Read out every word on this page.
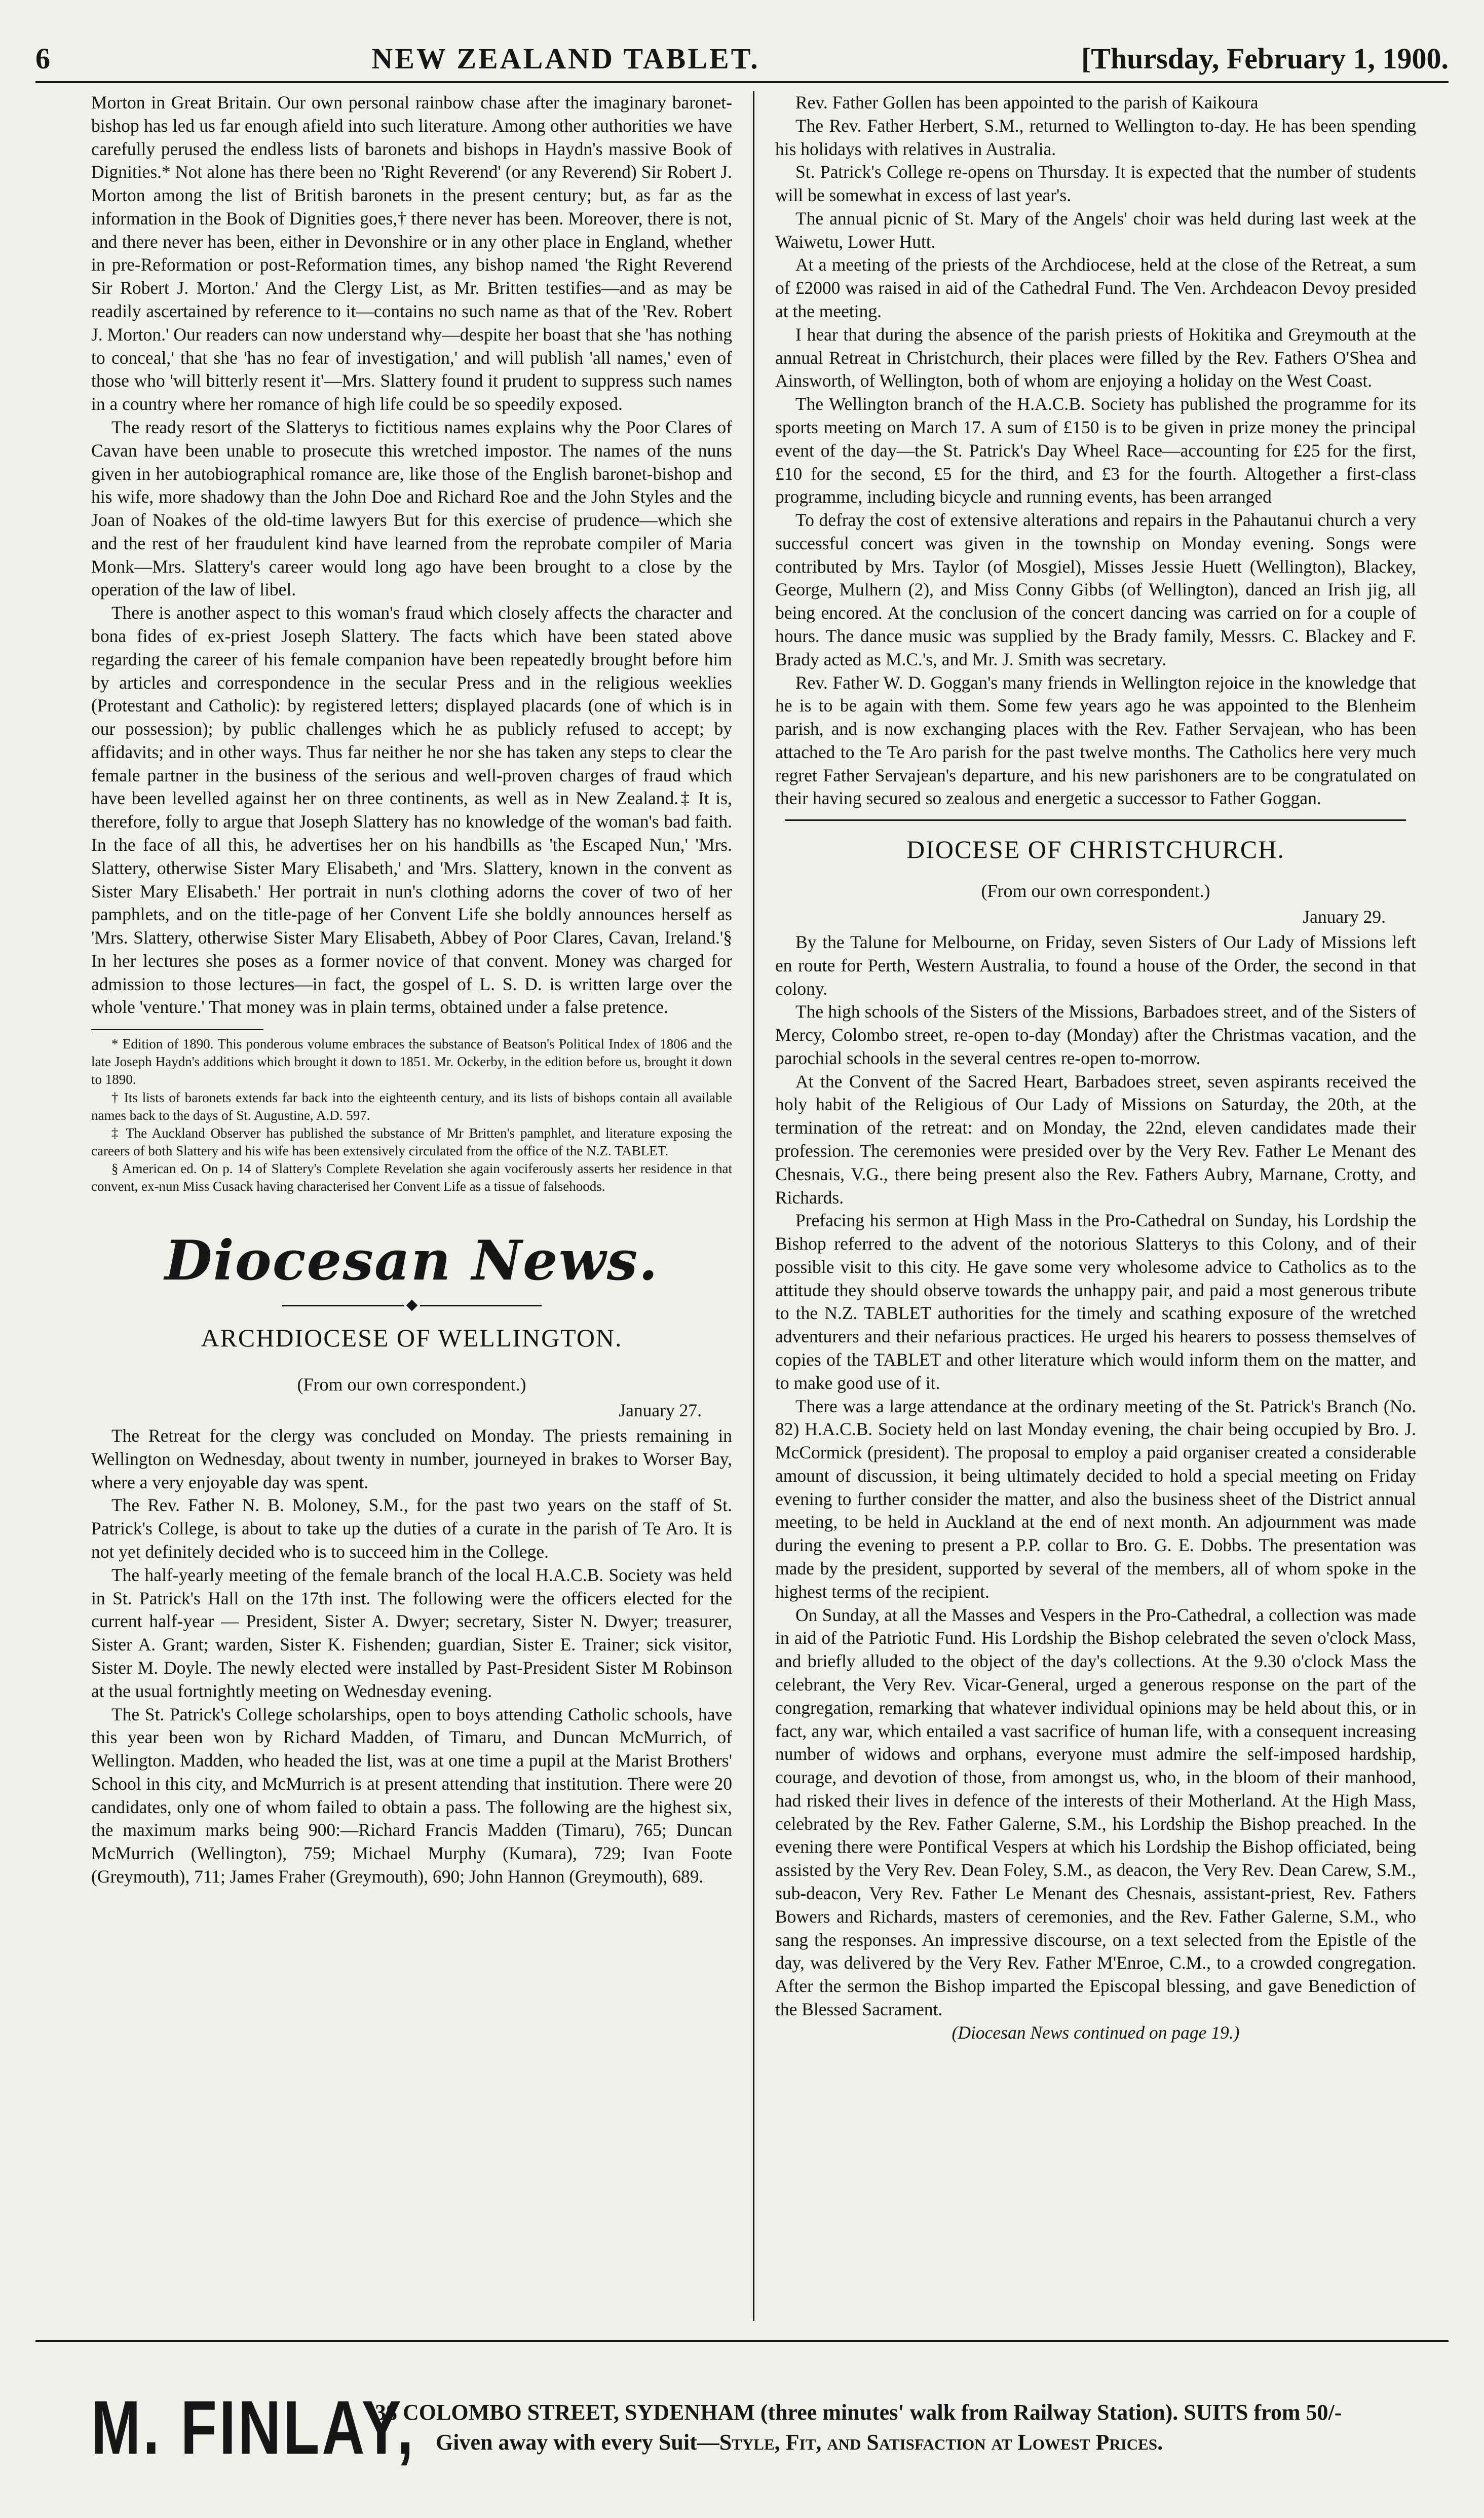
6	NEW ZEALAND TABLET.	[Thursday, February 1, 1900.

Morton in Great Britain. Our own personal rainbow chase after the imaginary baronet-bishop has led us far enough afield into such literature. Among other authorities we have carefully perused the endless lists of baronets and bishops in Haydn's massive Book of Dignities.* Not alone has there been no 'Right Reverend' (or any Reverend) Sir Robert J. Morton among the list of British baronets in the present century; but, as far as the information in the Book of Dignities goes,† there never has been. Moreover, there is not, and there never has been, either in Devonshire or in any other place in England, whether in pre-Reformation or post-Reformation times, any bishop named 'the Right Reverend Sir Robert J. Morton.' And the Clergy List, as Mr. Britten testifies—and as may be readily ascertained by reference to it—contains no such name as that of the 'Rev. Robert J. Morton.' Our readers can now understand why—despite her boast that she 'has nothing to conceal,' that she 'has no fear of investigation,' and will publish 'all names,' even of those who 'will bitterly resent it'—Mrs. Slattery found it prudent to suppress such names in a country where her romance of high life could be so speedily exposed.

The ready resort of the Slatterys to fictitious names explains why the Poor Clares of Cavan have been unable to prosecute this wretched impostor. The names of the nuns given in her autobiographical romance are, like those of the English baronet-bishop and his wife, more shadowy than the John Doe and Richard Roe and the John Styles and the Joan of Noakes of the old-time lawyers But for this exercise of prudence—which she and the rest of her fraudulent kind have learned from the reprobate compiler of Maria Monk—Mrs. Slattery's career would long ago have been brought to a close by the operation of the law of libel.

There is another aspect to this woman's fraud which closely affects the character and bona fides of ex-priest Joseph Slattery. The facts which have been stated above regarding the career of his female companion have been repeatedly brought before him by articles and correspondence in the secular Press and in the religious weeklies (Protestant and Catholic): by registered letters; displayed placards (one of which is in our possession); by public challenges which he as publicly refused to accept; by affidavits; and in other ways. Thus far neither he nor she has taken any steps to clear the female partner in the business of the serious and well-proven charges of fraud which have been levelled against her on three continents, as well as in New Zealand.‡ It is, therefore, folly to argue that Joseph Slattery has no knowledge of the woman's bad faith. In the face of all this, he advertises her on his handbills as 'the Escaped Nun,' 'Mrs. Slattery, otherwise Sister Mary Elisabeth,' and 'Mrs. Slattery, known in the convent as Sister Mary Elisabeth.' Her portrait in nun's clothing adorns the cover of two of her pamphlets, and on the title-page of her Convent Life she boldly announces herself as 'Mrs. Slattery, otherwise Sister Mary Elisabeth, Abbey of Poor Clares, Cavan, Ireland.'§ In her lectures she poses as a former novice of that convent. Money was charged for admission to those lectures—in fact, the gospel of L. S. D. is written large over the whole 'venture.' That money was in plain terms, obtained under a false pretence.

* Edition of 1890. This ponderous volume embraces the substance of Beatson's Political Index of 1806 and the late Joseph Haydn's additions which brought it down to 1851. Mr. Ockerby, in the edition before us, brought it down to 1890.

† Its lists of baronets extends far back into the eighteenth century, and its lists of bishops contain all available names back to the days of St. Augustine, A.D. 597.

‡ The Auckland Observer has published the substance of Mr Britten's pamphlet, and literature exposing the careers of both Slattery and his wife has been extensively circulated from the office of the N.Z. TABLET.

§ American ed. On p. 14 of Slattery's Complete Revelation she again vociferously asserts her residence in that convent, ex-nun Miss Cusack having characterised her Convent Life as a tissue of falsehoods.

Diocesan News.
ARCHDIOCESE OF WELLINGTON.
(From our own correspondent.)

January 27.

The Retreat for the clergy was concluded on Monday. The priests remaining in Wellington on Wednesday, about twenty in number, journeyed in brakes to Worser Bay, where a very enjoyable day was spent.

The Rev. Father N. B. Moloney, S.M., for the past two years on the staff of St. Patrick's College, is about to take up the duties of a curate in the parish of Te Aro. It is not yet definitely decided who is to succeed him in the College.

The half-yearly meeting of the female branch of the local H.A.C.B. Society was held in St. Patrick's Hall on the 17th inst. The following were the officers elected for the current half-year — President, Sister A. Dwyer; secretary, Sister N. Dwyer; treasurer, Sister A. Grant; warden, Sister K. Fishenden; guardian, Sister E. Trainer; sick visitor, Sister M. Doyle. The newly elected were installed by Past-President Sister M Robinson at the usual fortnightly meeting on Wednesday evening.

The St. Patrick's College scholarships, open to boys attending Catholic schools, have this year been won by Richard Madden, of Timaru, and Duncan McMurrich, of Wellington. Madden, who headed the list, was at one time a pupil at the Marist Brothers' School in this city, and McMurrich is at present attending that institution. There were 20 candidates, only one of whom failed to obtain a pass. The following are the highest six, the maximum marks being 900:—Richard Francis Madden (Timaru), 765; Duncan McMurrich (Wellington), 759; Michael Murphy (Kumara), 729; Ivan Foote (Greymouth), 711; James Fraher (Greymouth), 690; John Hannon (Greymouth), 689.

Rev. Father Gollen has been appointed to the parish of Kaikoura

The Rev. Father Herbert, S.M., returned to Wellington to-day. He has been spending his holidays with relatives in Australia.

St. Patrick's College re-opens on Thursday. It is expected that the number of students will be somewhat in excess of last year's.

The annual picnic of St. Mary of the Angels' choir was held during last week at the Waiwetu, Lower Hutt.

At a meeting of the priests of the Archdiocese, held at the close of the Retreat, a sum of £2000 was raised in aid of the Cathedral Fund. The Ven. Archdeacon Devoy presided at the meeting.

I hear that during the absence of the parish priests of Hokitika and Greymouth at the annual Retreat in Christchurch, their places were filled by the Rev. Fathers O'Shea and Ainsworth, of Wellington, both of whom are enjoying a holiday on the West Coast.

The Wellington branch of the H.A.C.B. Society has published the programme for its sports meeting on March 17. A sum of £150 is to be given in prize money the principal event of the day—the St. Patrick's Day Wheel Race—accounting for £25 for the first, £10 for the second, £5 for the third, and £3 for the fourth. Altogether a first-class programme, including bicycle and running events, has been arranged

To defray the cost of extensive alterations and repairs in the Pahautanui church a very successful concert was given in the township on Monday evening. Songs were contributed by Mrs. Taylor (of Mosgiel), Misses Jessie Huett (Wellington), Blackey, George, Mulhern (2), and Miss Conny Gibbs (of Wellington), danced an Irish jig, all being encored. At the conclusion of the concert dancing was carried on for a couple of hours. The dance music was supplied by the Brady family, Messrs. C. Blackey and F. Brady acted as M.C.'s, and Mr. J. Smith was secretary.

Rev. Father W. D. Goggan's many friends in Wellington rejoice in the knowledge that he is to be again with them. Some few years ago he was appointed to the Blenheim parish, and is now exchanging places with the Rev. Father Servajean, who has been attached to the Te Aro parish for the past twelve months. The Catholics here very much regret Father Servajean's departure, and his new parishoners are to be congratulated on their having secured so zealous and energetic a successor to Father Goggan.

DIOCESE OF CHRISTCHURCH.
(From our own correspondent.)

January 29.

By the Talune for Melbourne, on Friday, seven Sisters of Our Lady of Missions left en route for Perth, Western Australia, to found a house of the Order, the second in that colony.

The high schools of the Sisters of the Missions, Barbadoes street, and of the Sisters of Mercy, Colombo street, re-open to-day (Monday) after the Christmas vacation, and the parochial schools in the several centres re-open to-morrow.

At the Convent of the Sacred Heart, Barbadoes street, seven aspirants received the holy habit of the Religious of Our Lady of Missions on Saturday, the 20th, at the termination of the retreat: and on Monday, the 22nd, eleven candidates made their profession. The ceremonies were presided over by the Very Rev. Father Le Menant des Chesnais, V.G., there being present also the Rev. Fathers Aubry, Marnane, Crotty, and Richards.

Prefacing his sermon at High Mass in the Pro-Cathedral on Sunday, his Lordship the Bishop referred to the advent of the notorious Slatterys to this Colony, and of their possible visit to this city. He gave some very wholesome advice to Catholics as to the attitude they should observe towards the unhappy pair, and paid a most generous tribute to the N.Z. TABLET authorities for the timely and scathing exposure of the wretched adventurers and their nefarious practices. He urged his hearers to possess themselves of copies of the TABLET and other literature which would inform them on the matter, and to make good use of it.

There was a large attendance at the ordinary meeting of the St. Patrick's Branch (No. 82) H.A.C.B. Society held on last Monday evening, the chair being occupied by Bro. J. McCormick (president). The proposal to employ a paid organiser created a considerable amount of discussion, it being ultimately decided to hold a special meeting on Friday evening to further consider the matter, and also the business sheet of the District annual meeting, to be held in Auckland at the end of next month. An adjournment was made during the evening to present a P.P. collar to Bro. G. E. Dobbs. The presentation was made by the president, supported by several of the members, all of whom spoke in the highest terms of the recipient.

On Sunday, at all the Masses and Vespers in the Pro-Cathedral, a collection was made in aid of the Patriotic Fund. His Lordship the Bishop celebrated the seven o'clock Mass, and briefly alluded to the object of the day's collections. At the 9.30 o'clock Mass the celebrant, the Very Rev. Vicar-General, urged a generous response on the part of the congregation, remarking that whatever individual opinions may be held about this, or in fact, any war, which entailed a vast sacrifice of human life, with a consequent increasing number of widows and orphans, everyone must admire the self-imposed hardship, courage, and devotion of those, from amongst us, who, in the bloom of their manhood, had risked their lives in defence of the interests of their Motherland. At the High Mass, celebrated by the Rev. Father Galerne, S.M., his Lordship the Bishop preached. In the evening there were Pontifical Vespers at which his Lordship the Bishop officiated, being assisted by the Very Rev. Dean Foley, S.M., as deacon, the Very Rev. Dean Carew, S.M., sub-deacon, Very Rev. Father Le Menant des Chesnais, assistant-priest, Rev. Fathers Bowers and Richards, masters of ceremonies, and the Rev. Father Galerne, S.M., who sang the responses. An impressive discourse, on a text selected from the Epistle of the day, was delivered by the Very Rev. Father M'Enroe, C.M., to a crowded congregation. After the sermon the Bishop imparted the Episcopal blessing, and gave Benediction of the Blessed Sacrament.

(Diocesan News continued on page 19.)

M. FINLAY,
38 COLOMBO STREET, SYDENHAM (three minutes' walk from Railway Station). SUITS from 50/-
Given away with every Suit—Style, Fit, and Satisfaction at Lowest Prices.
